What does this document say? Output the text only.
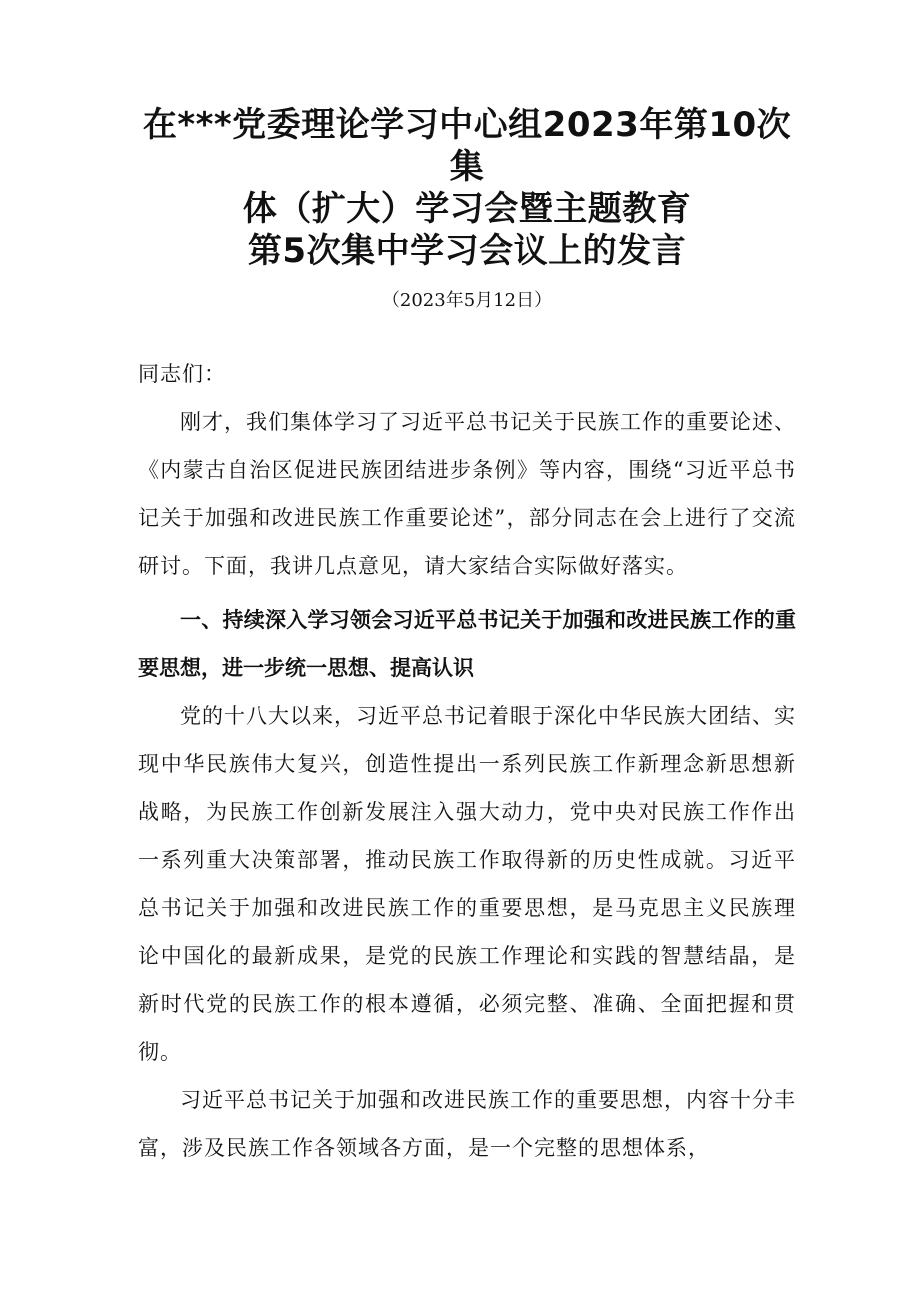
在***党委理论学习中心组2023年第10次集
体（扩大）学习会暨主题教育
第5次集中学习会议上的发言
（2023年5月12日）
同志们：

刚才，我们集体学习了习近平总书记关于民族工作的重要论述、《内蒙古自治区促进民族团结进步条例》等内容，围绕“习近平总书记关于加强和改进民族工作重要论述”，部分同志在会上进行了交流研讨。下面，我讲几点意见，请大家结合实际做好落实。

一、持续深入学习领会习近平总书记关于加强和改进民族工作的重要思想，进一步统一思想、提高认识

党的十八大以来，习近平总书记着眼于深化中华民族大团结、实现中华民族伟大复兴，创造性提出一系列民族工作新理念新思想新战略，为民族工作创新发展注入强大动力，党中央对民族工作作出一系列重大决策部署，推动民族工作取得新的历史性成就。习近平总书记关于加强和改进民族工作的重要思想，是马克思主义民族理论中国化的最新成果，是党的民族工作理论和实践的智慧结晶，是新时代党的民族工作的根本遵循，必须完整、准确、全面把握和贯彻。

习近平总书记关于加强和改进民族工作的重要思想，内容十分丰富，涉及民族工作各领域各方面，是一个完整的思想体系，
